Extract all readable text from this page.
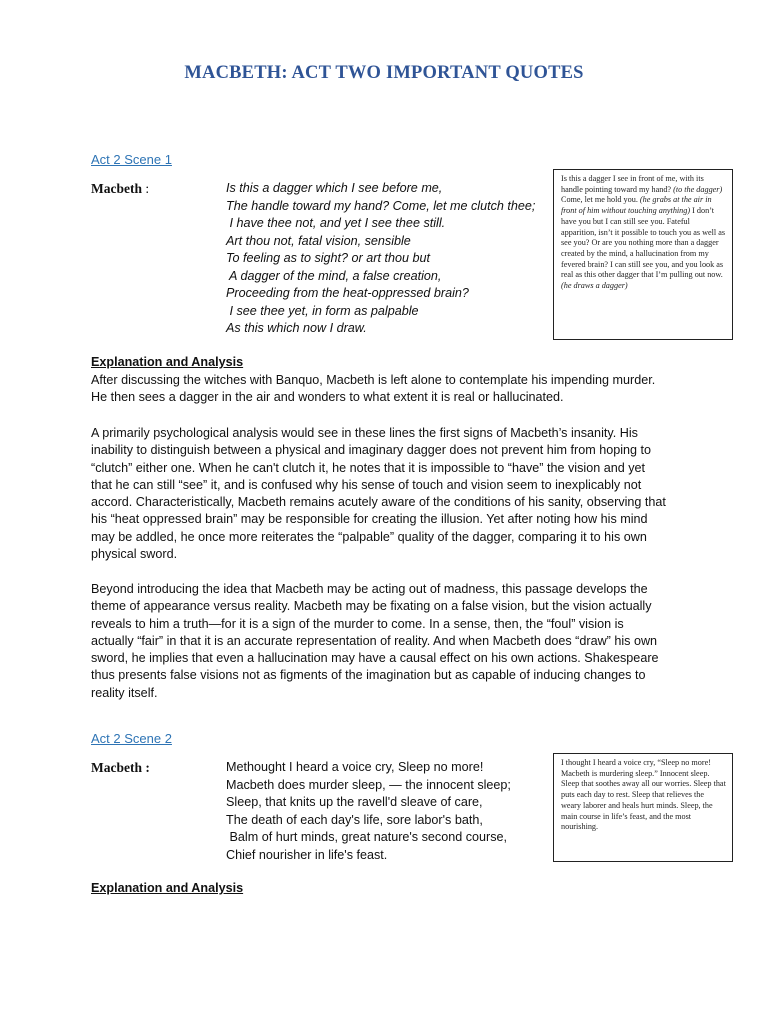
MACBETH: ACT TWO IMPORTANT QUOTES
Act 2 Scene 1
Macbeth :	Is this a dagger which I see before me,
The handle toward my hand? Come, let me clutch thee;
I have thee not, and yet I see thee still.
Art thou not, fatal vision, sensible
To feeling as to sight? or art thou but
A dagger of the mind, a false creation,
Proceeding from the heat-oppressed brain?
I see thee yet, in form as palpable
As this which now I draw.
Is this a dagger I see in front of me, with its handle pointing toward my hand? (to the dagger) Come, let me hold you. (he grabs at the air in front of him without touching anything) I don’t have you but I can still see you. Fateful apparition, isn’t it possible to touch you as well as see you? Or are you nothing more than a dagger created by the mind, a hallucination from my fevered brain? I can still see you, and you look as real as this other dagger that I’m pulling out now. (he draws a dagger)
Explanation and Analysis
After discussing the witches with Banquo, Macbeth is left alone to contemplate his impending murder.
He then sees a dagger in the air and wonders to what extent it is real or hallucinated.
A primarily psychological analysis would see in these lines the first signs of Macbeth’s insanity. His
inability to distinguish between a physical and imaginary dagger does not prevent him from hoping to
“clutch” either one. When he can't clutch it, he notes that it is impossible to “have” the vision and yet
that he can still “see” it, and is confused why his sense of touch and vision seem to inexplicably not
accord. Characteristically, Macbeth remains acutely aware of the conditions of his sanity, observing that
his “heat oppressed brain” may be responsible for creating the illusion. Yet after noting how his mind
may be addled, he once more reiterates the “palpable” quality of the dagger, comparing it to his own
physical sword.
Beyond introducing the idea that Macbeth may be acting out of madness, this passage develops the
theme of appearance versus reality. Macbeth may be fixating on a false vision, but the vision actually
reveals to him a truth—for it is a sign of the murder to come. In a sense, then, the “foul” vision is
actually “fair” in that it is an accurate representation of reality. And when Macbeth does “draw” his own
sword, he implies that even a hallucination may have a causal effect on his own actions. Shakespeare
thus presents false visions not as figments of the imagination but as capable of inducing changes to
reality itself.
Act 2 Scene 2
Macbeth :	Methought I heard a voice cry, Sleep no more!
Macbeth does murder sleep, — the innocent sleep;
Sleep, that knits up the ravell'd sleave of care,
The death of each day's life, sore labor's bath,
Balm of hurt minds, great nature's second course,
Chief nourisher in life's feast.
I thought I heard a voice cry, “Sleep no more! Macbeth is murdering sleep.” Innocent sleep. Sleep that soothes away all our worries. Sleep that puts each day to rest. Sleep that relieves the weary laborer and heals hurt minds. Sleep, the main course in life’s feast, and the most nourishing.
Explanation and Analysis
